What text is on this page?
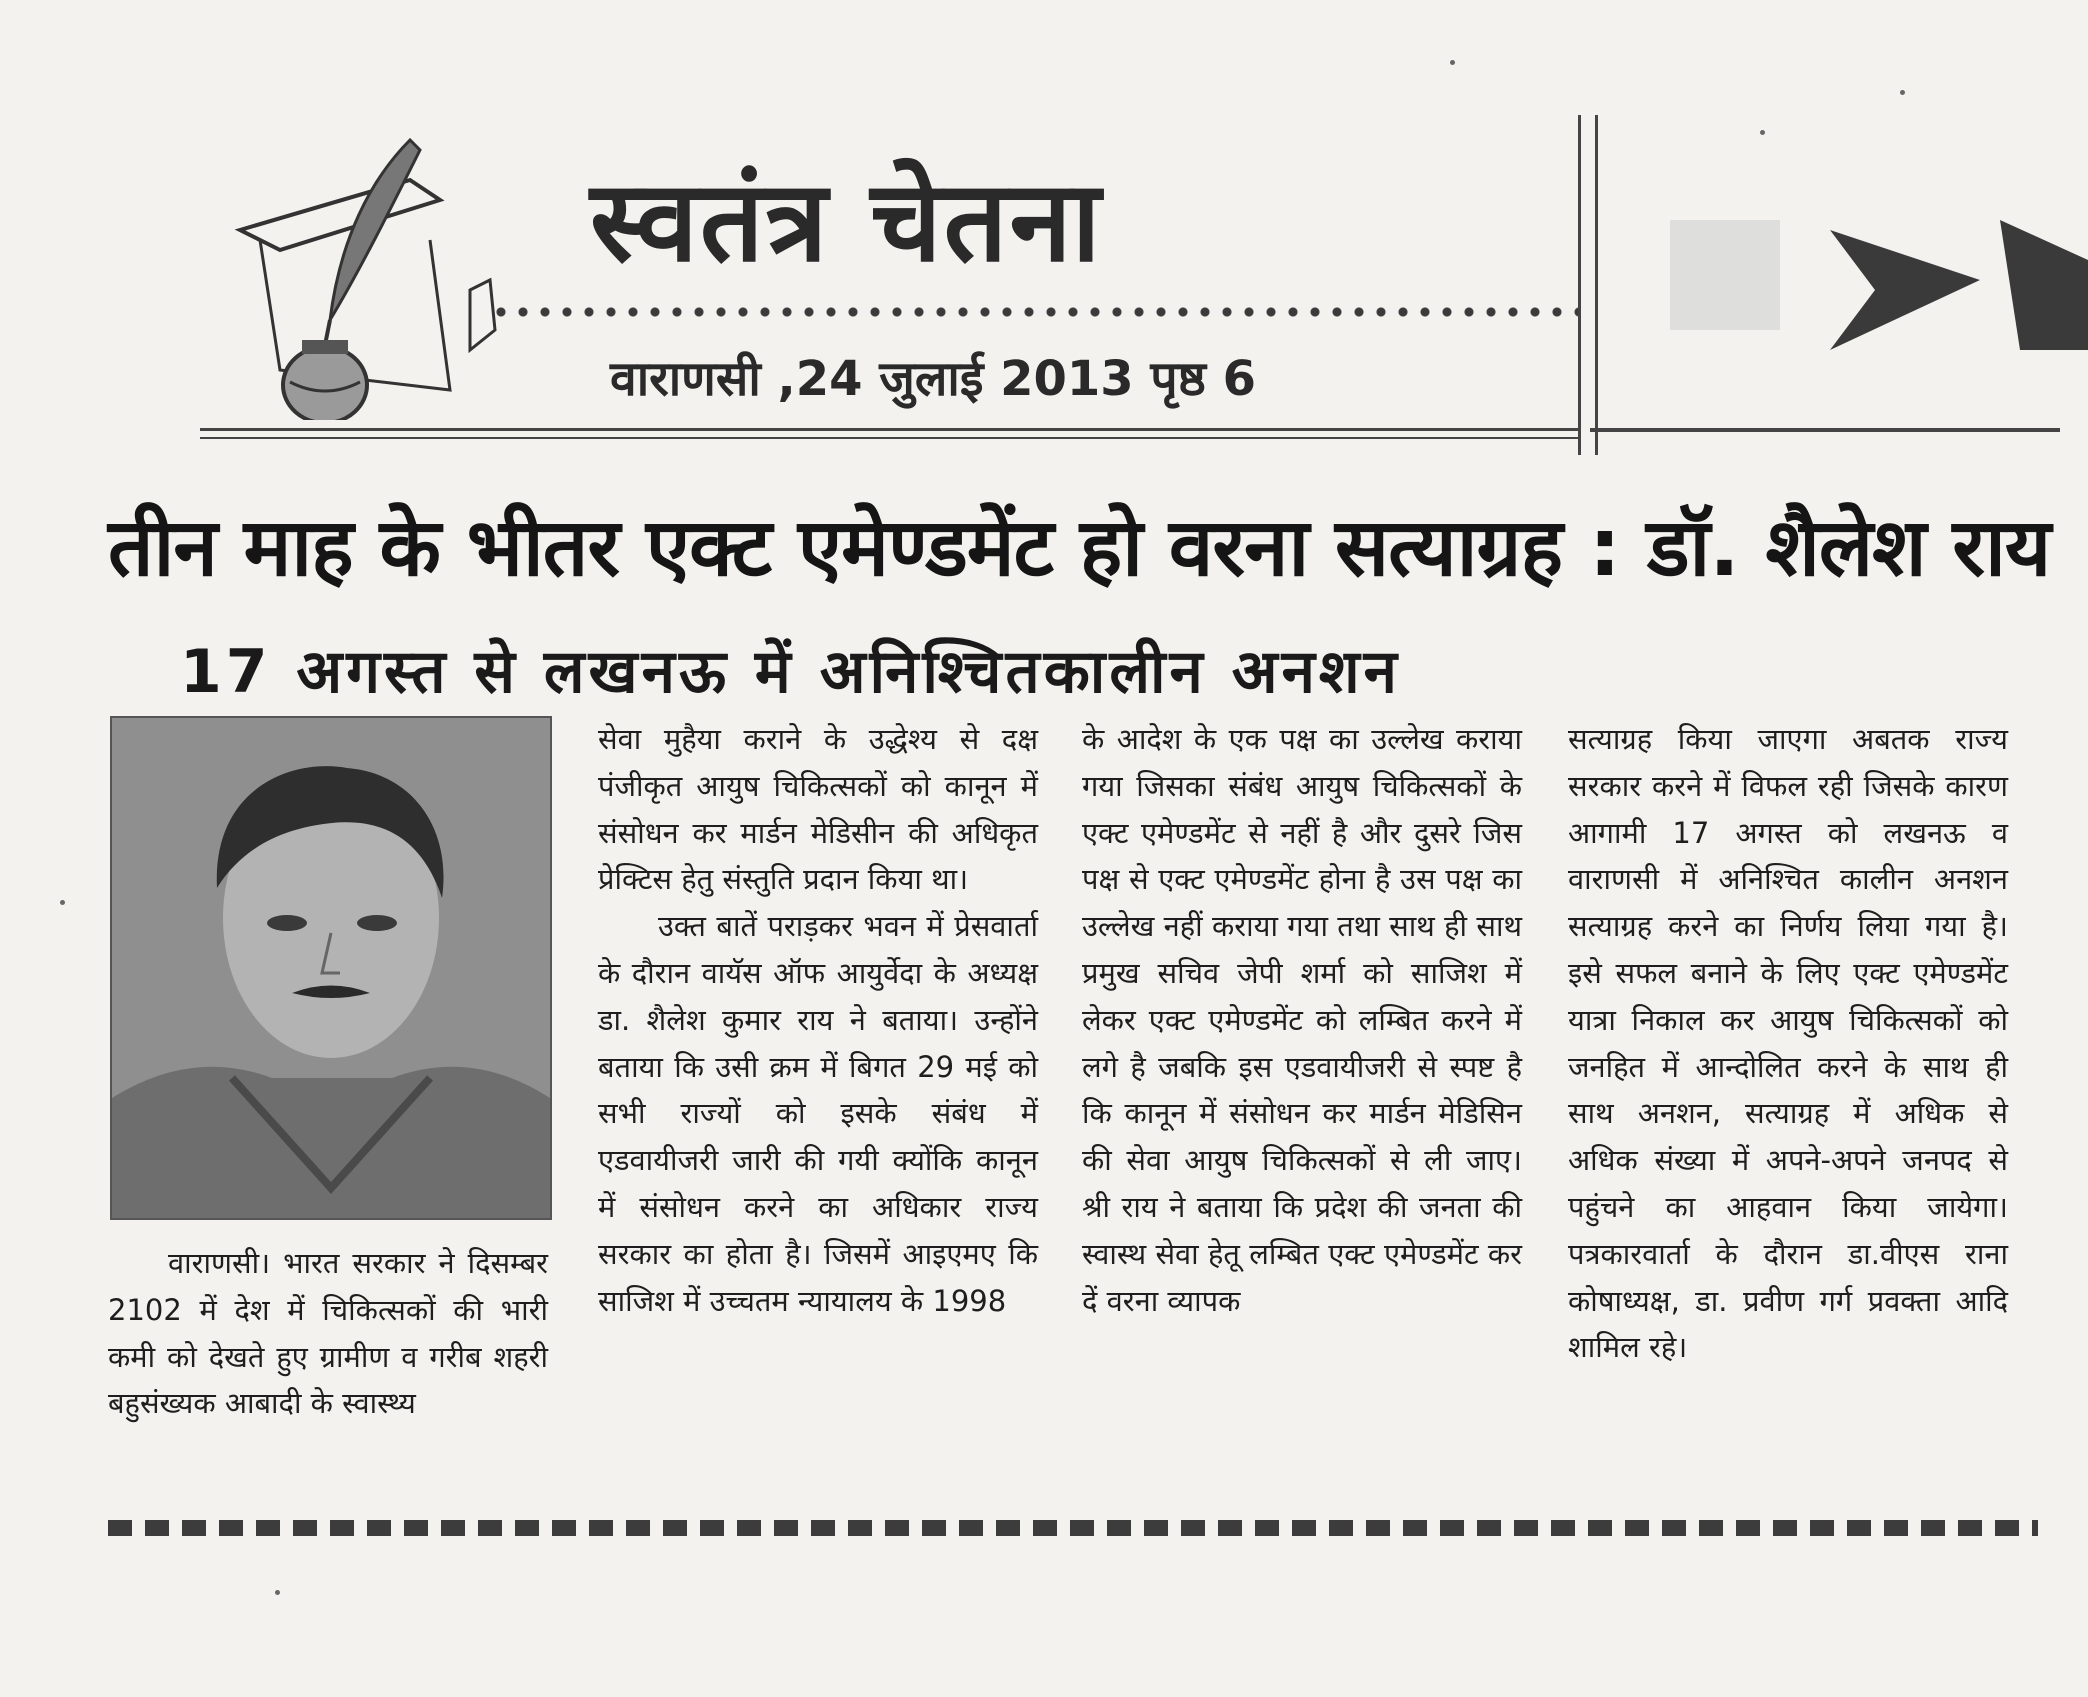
स्वतंत्र चेतना
वाराणसी ,24 जुलाई 2013 पृष्ठ 6
तीन माह के भीतर एक्ट एमेण्डमेंट हो वरना सत्याग्रह : डॉ. शैलेश राय
17 अगस्त से लखनऊ में अनिश्चितकालीन अनशन

वाराणसी। भारत सरकार ने दिसम्बर 2102 में देश में चिकित्सकों की भारी कमी को देखते हुए ग्रामीण व गरीब शहरी बहुसंख्यक आबादी के स्वास्थ्य

सेवा मुहैया कराने के उद्धेश्य से दक्ष पंजीकृत आयुष चिकित्सकों को कानून में संसोधन कर मार्डन मेडिसीन की अधिकृत प्रेक्टिस हेतु संस्तुति प्रदान किया था।

उक्त बातें पराड़कर भवन में प्रेसवार्ता के दौरान वायॅस ऑफ आयुर्वेदा के अध्यक्ष डा. शैलेश कुमार राय ने बताया। उन्होंने बताया कि उसी क्रम में बिगत 29 मई को सभी राज्यों को इसके संबंध में एडवायीजरी जारी की गयी क्योंकि कानून में संसोधन करने का अधिकार राज्य सरकार का होता है। जिसमें आइएमए कि साजिश में उच्चतम न्यायालय के 1998

के आदेश के एक पक्ष का उल्लेख कराया गया जिसका संबंध आयुष चिकित्सकों के एक्ट एमेण्डमेंट से नहीं है और दुसरे जिस पक्ष से एक्ट एमेण्डमेंट होना है उस पक्ष का उल्लेख नहीं कराया गया तथा साथ ही साथ प्रमुख सचिव जेपी शर्मा को साजिश में लेकर एक्ट एमेण्डमेंट को लम्बित करने में लगे है जबकि इस एडवायीजरी से स्पष्ट है कि कानून में संसोधन कर मार्डन मेडिसिन की सेवा आयुष चिकित्सकों से ली जाए। श्री राय ने बताया कि प्रदेश की जनता की स्वास्थ सेवा हेतू लम्बित एक्ट एमेण्डमेंट कर दें वरना व्यापक

सत्याग्रह किया जाएगा अबतक राज्य सरकार करने में विफल रही जिसके कारण आगामी 17 अगस्त को लखनऊ व वाराणसी में अनिश्चित कालीन अनशन सत्याग्रह करने का निर्णय लिया गया है। इसे सफल बनाने के लिए एक्ट एमेण्डमेंट यात्रा निकाल कर आयुष चिकित्सकों को जनहित में आन्दोलित करने के साथ ही साथ अनशन, सत्याग्रह में अधिक से अधिक संख्या में अपने-अपने जनपद से पहुंचने का आहवान किया जायेगा। पत्रकारवार्ता के दौरान डा.वीएस राना कोषाध्यक्ष, डा. प्रवीण गर्ग प्रवक्ता आदि शामिल रहे।
